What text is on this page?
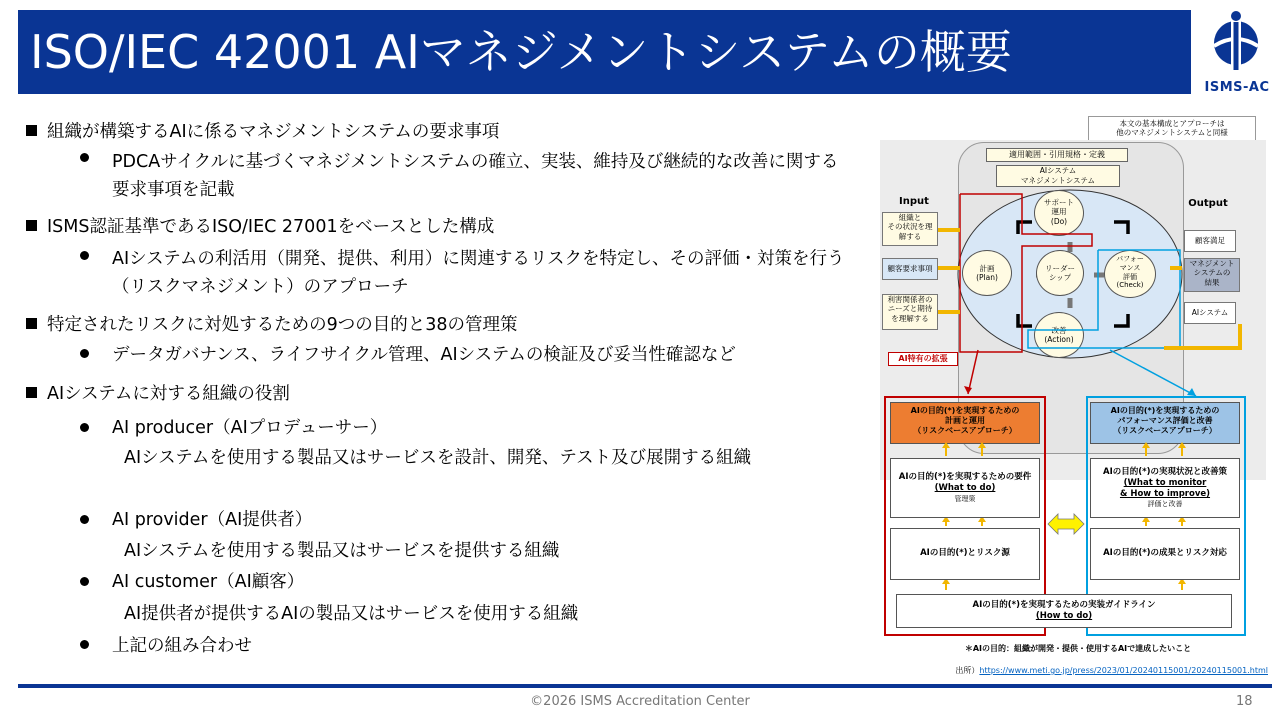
ISO/IEC 42001 AIマネジメントシステムの概要
ISMS-AC
組織が構築するAIに係るマネジメントシステムの要求事項
PDCAサイクルに基づくマネジメントシステムの確立、実装、維持及び継続的な改善に関する要求事項を記載
ISMS認証基準であるISO/IEC 27001をベースとした構成
AIシステムの利活用（開発、提供、利用）に関連するリスクを特定し、その評価・対策を行う（リスクマネジメント）のアプローチ
特定されたリスクに対処するための9つの目的と38の管理策
データガバナンス、ライフサイクル管理、AIシステムの検証及び妥当性確認など
AIシステムに対する組織の役割
AI producer（AIプロデューサー）
AIシステムを使用する製品又はサービスを設計、開発、テスト及び展開する組織
AI provider（AI提供者）
AIシステムを使用する製品又はサービスを提供する組織
AI customer（AI顧客）
AI提供者が提供するAIの製品又はサービスを使用する組織
上記の組み合わせ
本文の基本構成とアプローチは
他のマネジメントシステムと同様
適用範囲・引用規格・定義
AIシステム
マネジメントシステム
サポート
運用
(Do)
計画
(Plan)
リーダー
シップ
パフォー
マンス
評価
(Check)
改善
(Action)
Input	Output
組織と
その状況を理
解する
顧客要求事項
利害関係者の
ニーズと期待
を理解する
顧客満足
マネジメント
システムの
結果
AIシステム
AI特有の拡張
AIの目的(*)を実現するための
計画と運用
（リスクベースアプローチ）
AIの目的(*)を実現するための
パフォーマンス評価と改善
（リスクベースアプローチ）
AIの目的(*)を実現するための要件
(What to do)
管理策
AIの目的(*)の実現状況と改善策
(What to monitor
& How to improve)
評価と改善
AIの目的(*)とリスク源	AIの目的(*)の成果とリスク対応
AIの目的(*)を実現するための実装ガイドライン
(How to do)
＊AIの目的：組織が開発・提供・使用するAIで達成したいこと
出所）https://www.meti.go.jp/press/2023/01/20240115001/20240115001.html
©2026 ISMS Accreditation Center	18
